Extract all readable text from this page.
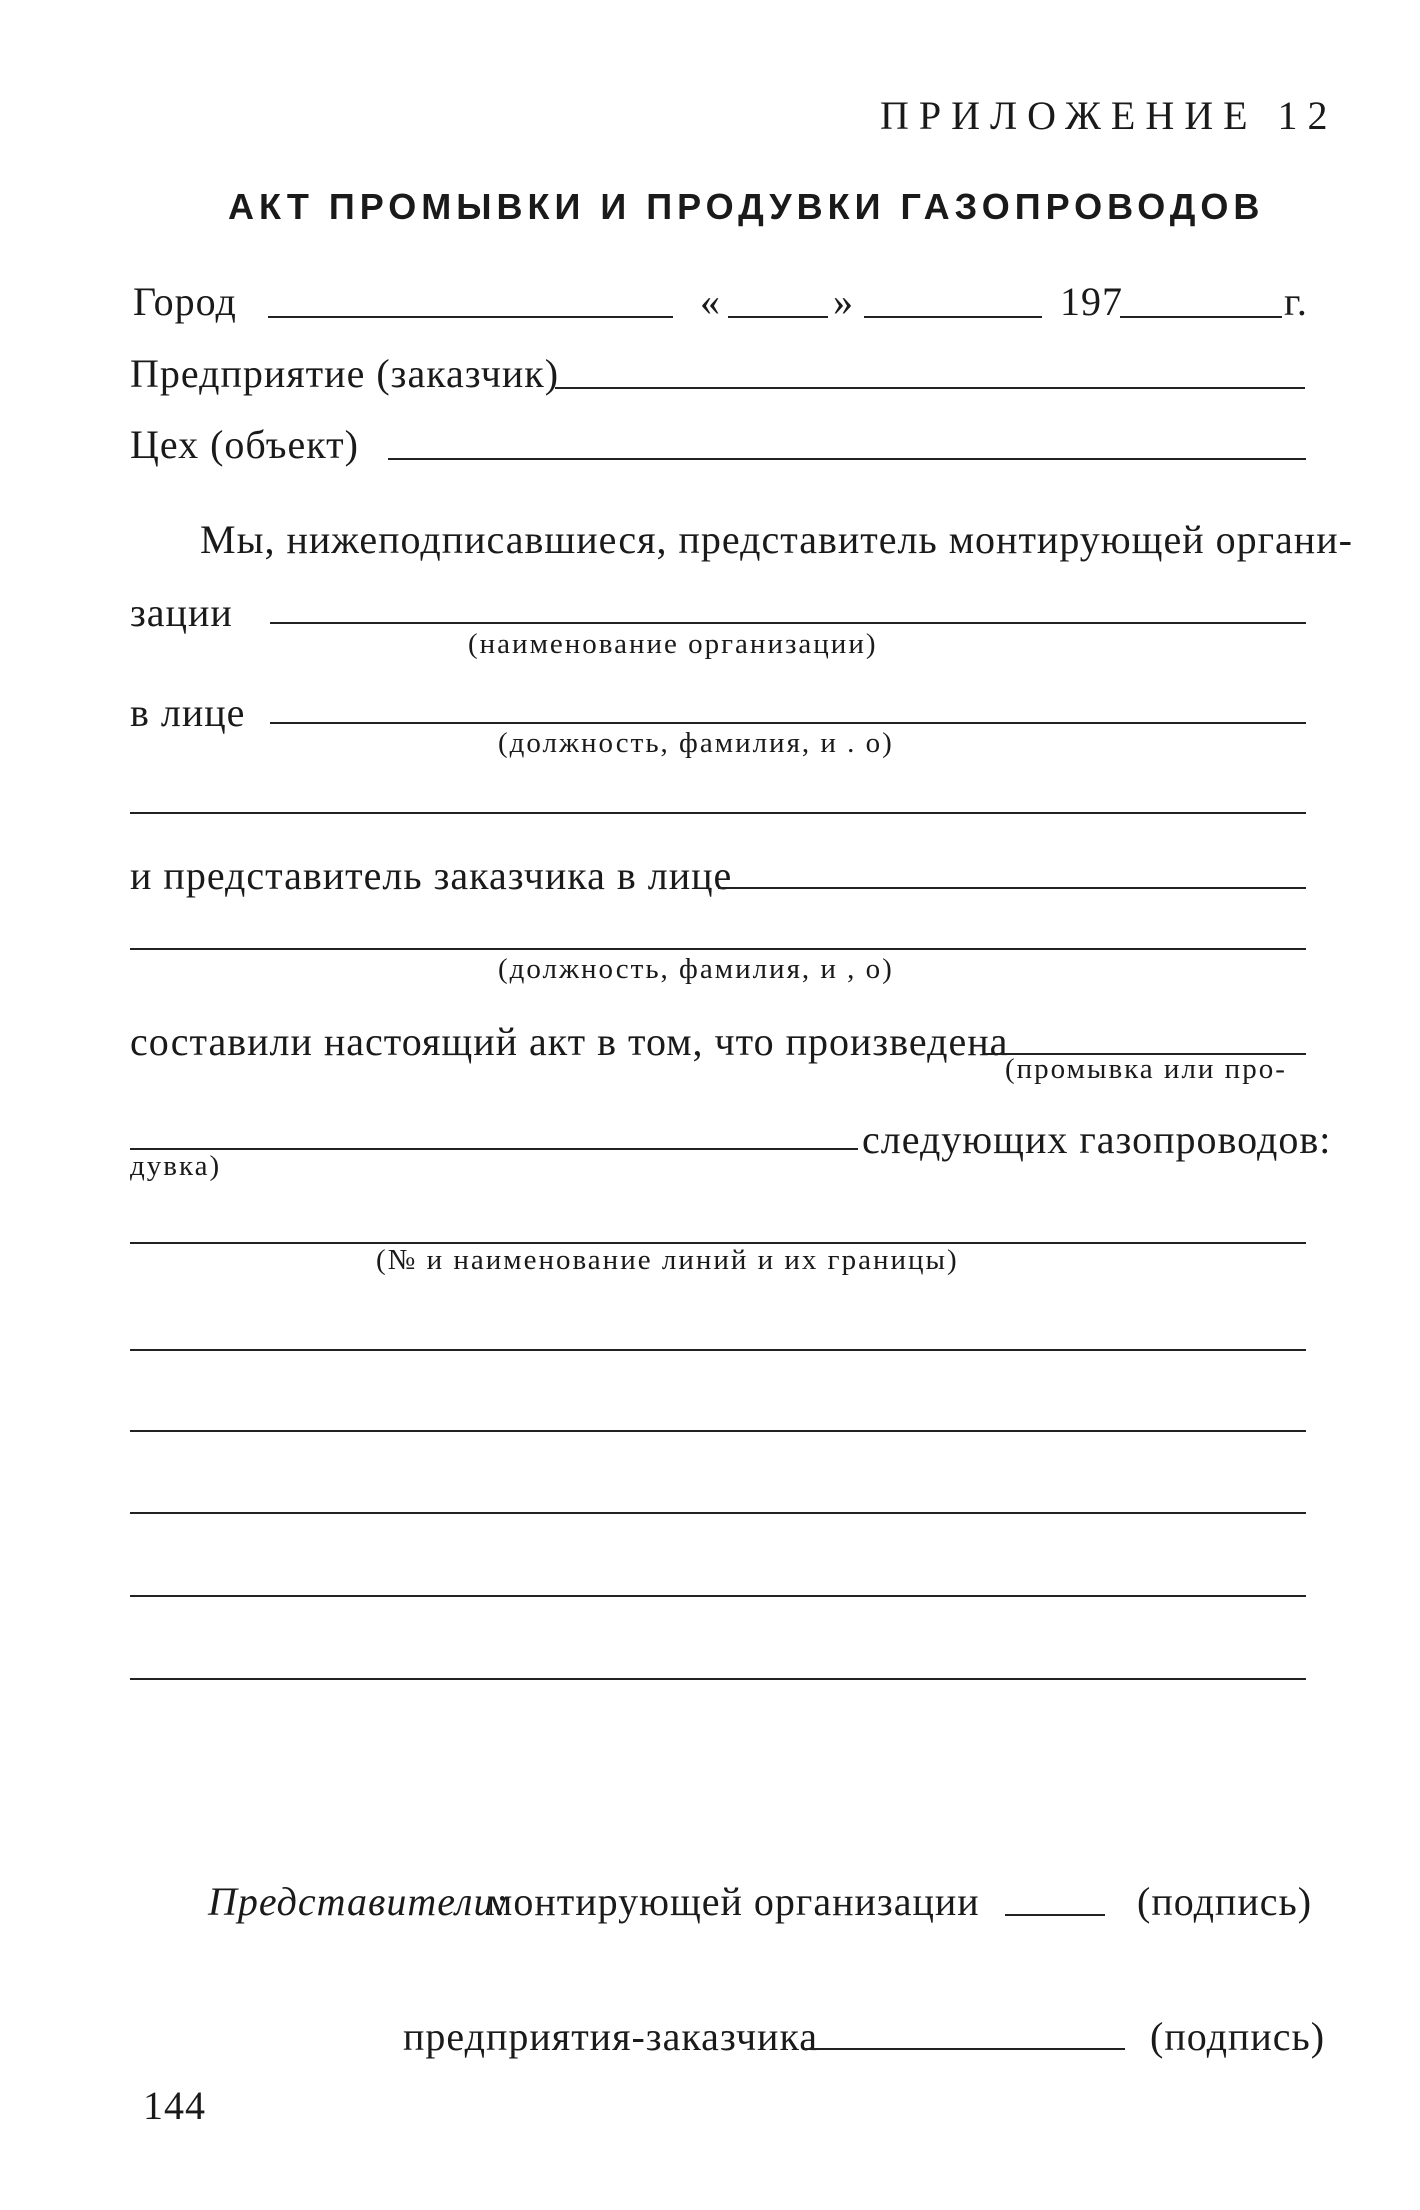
ПРИЛОЖЕНИЕ 12
АКТ ПРОМЫВКИ И ПРОДУВКИ ГАЗОПРОВОДОВ
Город	«	»	197	г.
Предприятие (заказчик)
Цех (объект)
Мы, нижеподписавшиеся, представитель монтирующей органи-
зации
(наименование организации)
в лице
(должность, фамилия, и . о)
и представитель заказчика в лице
(должность, фамилия, и , о)
составили настоящий акт в том, что произведена
(промывка или про-
дувка)
следующих газопроводов:
(№ и наименование линий и их границы)
Представители:
монтирующей организации	(подпись)
предприятия-заказчика	(подпись)
144
